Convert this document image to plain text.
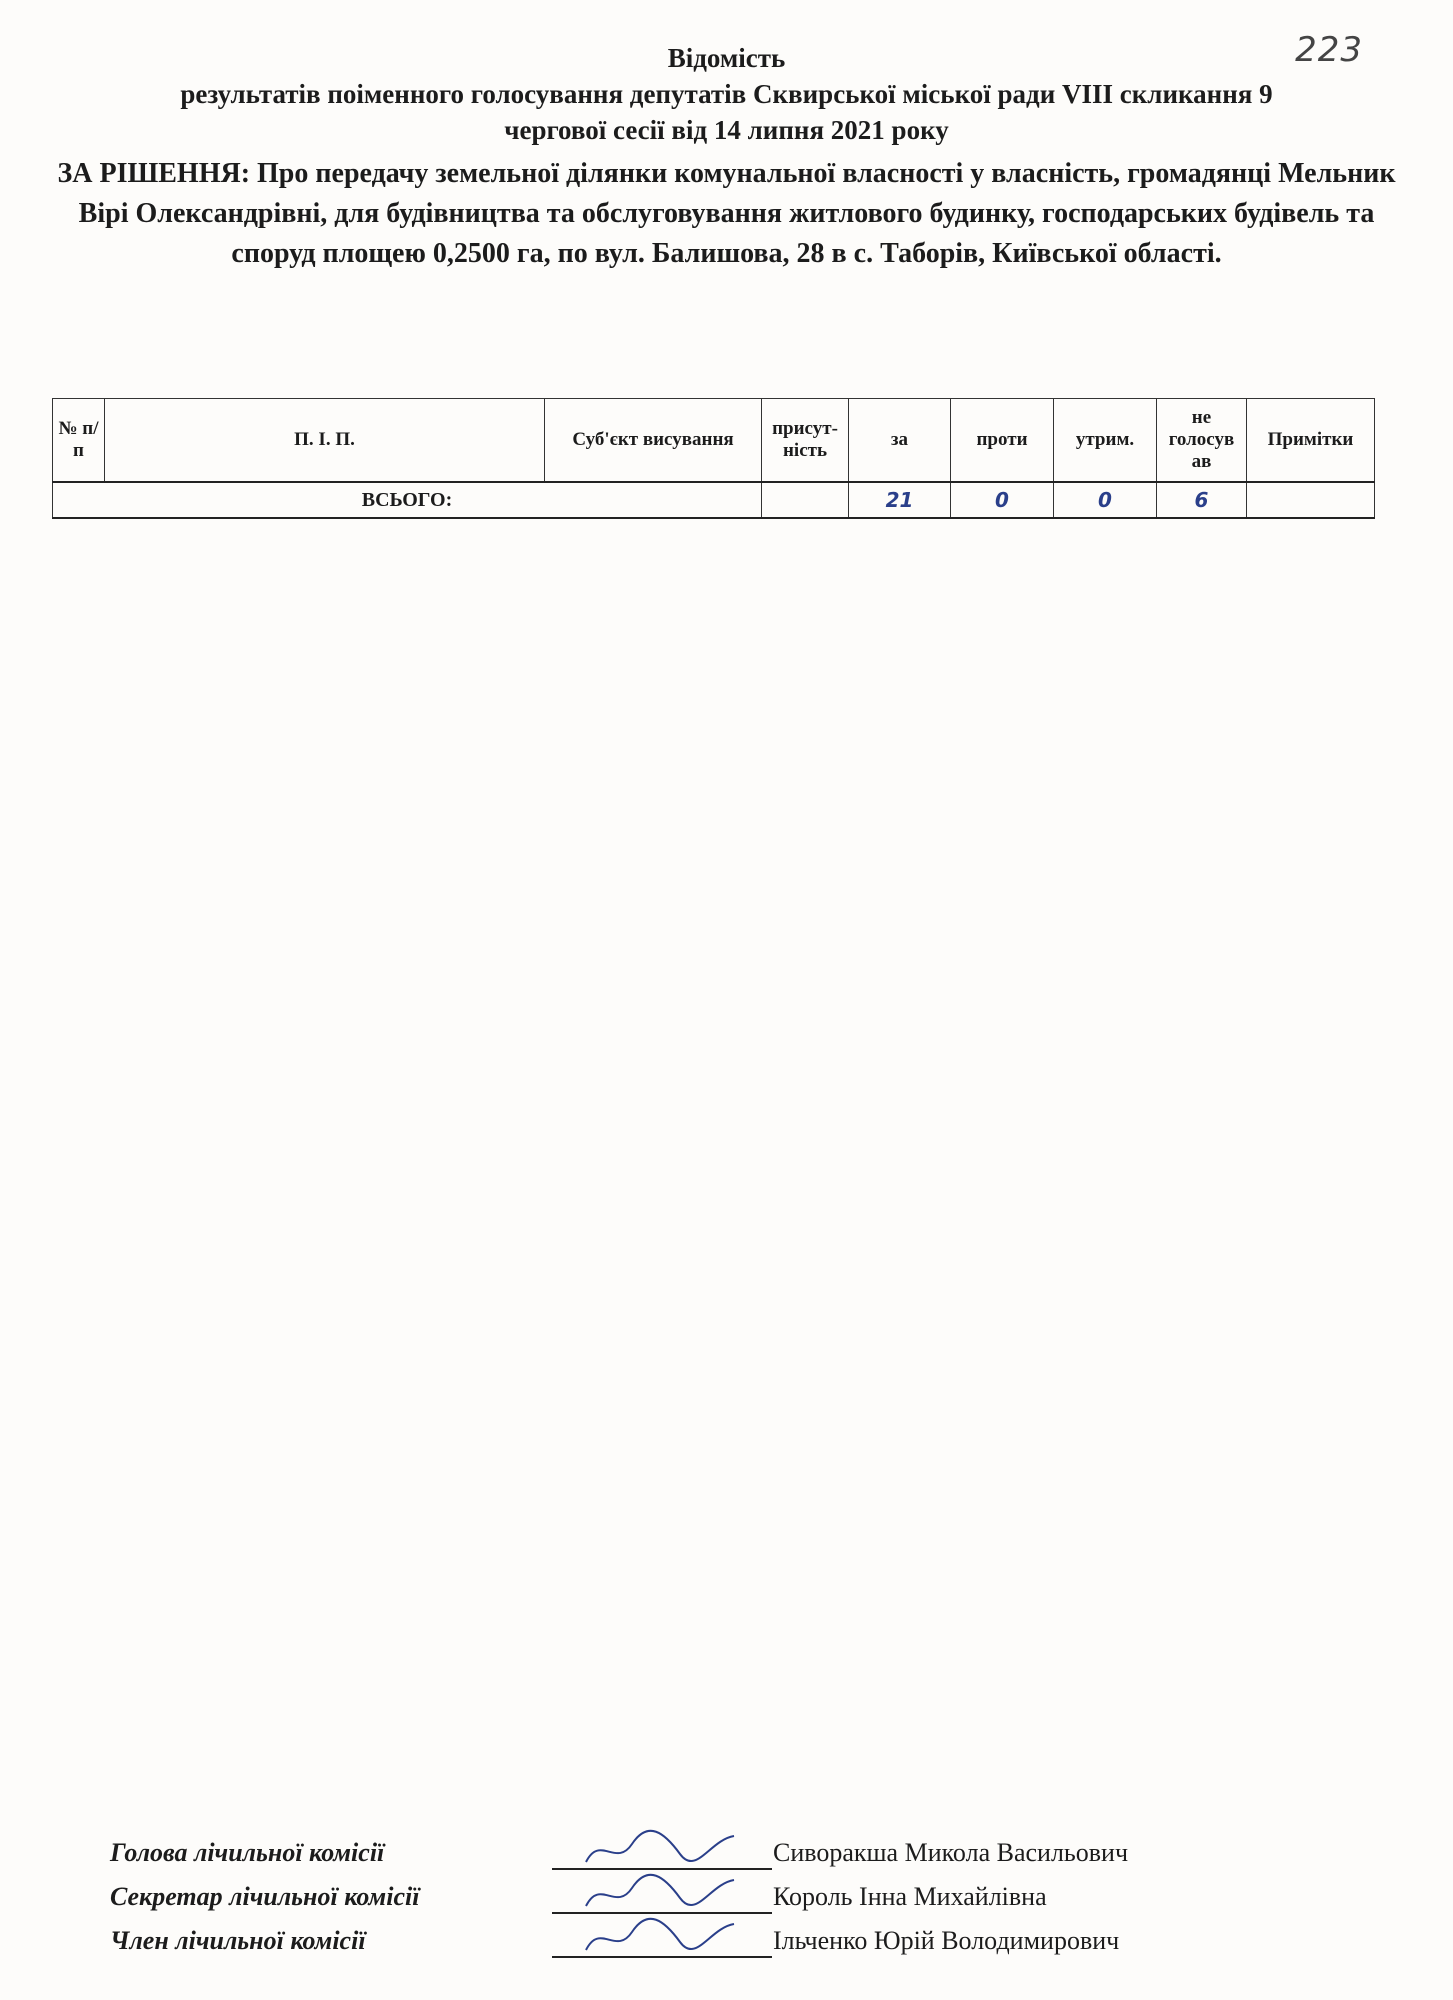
223
Відомість
результатів поіменного голосування депутатів Сквирської міської ради VIII скликання 9
чергової сесії від 14 липня 2021 року
ЗА РІШЕННЯ: Про передачу земельної ділянки комунальної власності у власність, громадянці Мельник Вірі Олександрівні, для будівництва та обслуговування житлового будинку, господарських будівель та споруд площею 0,2500 га, по вул. Балишова, 28 в с. Таборів, Київської області.
№ п/п	П. І. П.	Суб'єкт висування	присут-ність	за	проти	утрим.	не голосув ав	Примітки
ВСЬОГО:				21	0	0	6	
Голова лічильної комісії	Сиворакша Микола Васильович
Секретар лічильної комісії	Король Інна Михайлівна
Член лічильної комісії	Ільченко Юрій Володимирович
